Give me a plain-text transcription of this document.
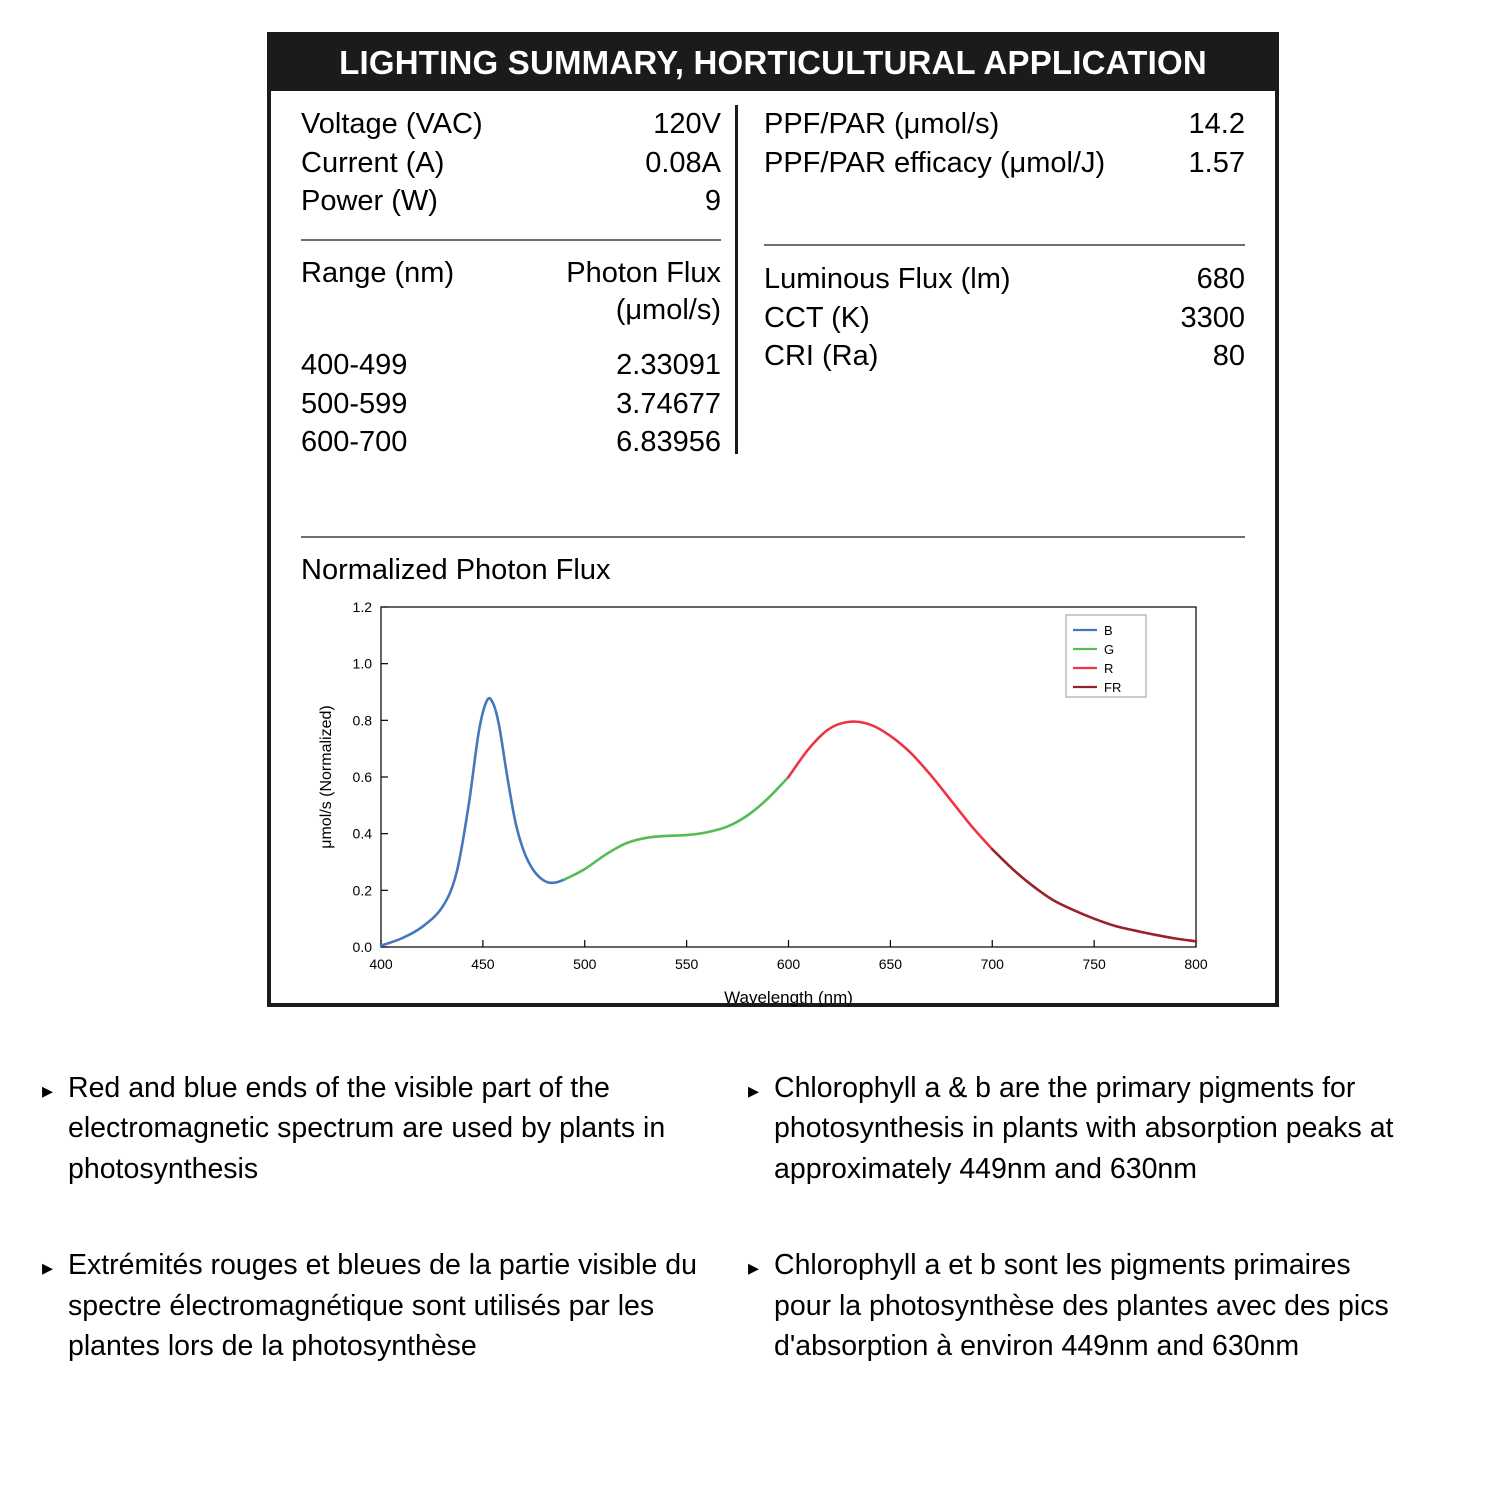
LIGHTING SUMMARY, HORTICULTURAL APPLICATION
Voltage (VAC)	120V
Current (A)	0.08A
Power (W)	9
Range (nm)	Photon Flux
(μmol/s)
400-499	2.33091
500-599	3.74677
600-700	6.83956
PPF/PAR (μmol/s)	14.2
PPF/PAR efficacy (μmol/J)	1.57
Luminous Flux (lm)	680
CCT (K)	3300
CRI (Ra)	80
Normalized Photon Flux
0.0
0.2
0.4
0.6
0.8
1.0
1.2
400	450	500	550	600	650	700	750	800
Wavelength (nm)
μmol/s (Normalized)
B
G
R
FR
▸ Red and blue ends of the visible part of the electromagnetic spectrum are used by plants in photosynthesis
▸ Extrémités rouges et bleues de la partie visible du spectre électromagnétique sont utilisés par les plantes lors de la photosynthèse
▸ Chlorophyll a & b are the primary pigments for photosynthesis in plants with absorption peaks at approximately 449nm and 630nm
▸ Chlorophyll a et b sont les pigments primaires pour la photosynthèse des plantes avec des pics d'absorption à environ 449nm and 630nm
